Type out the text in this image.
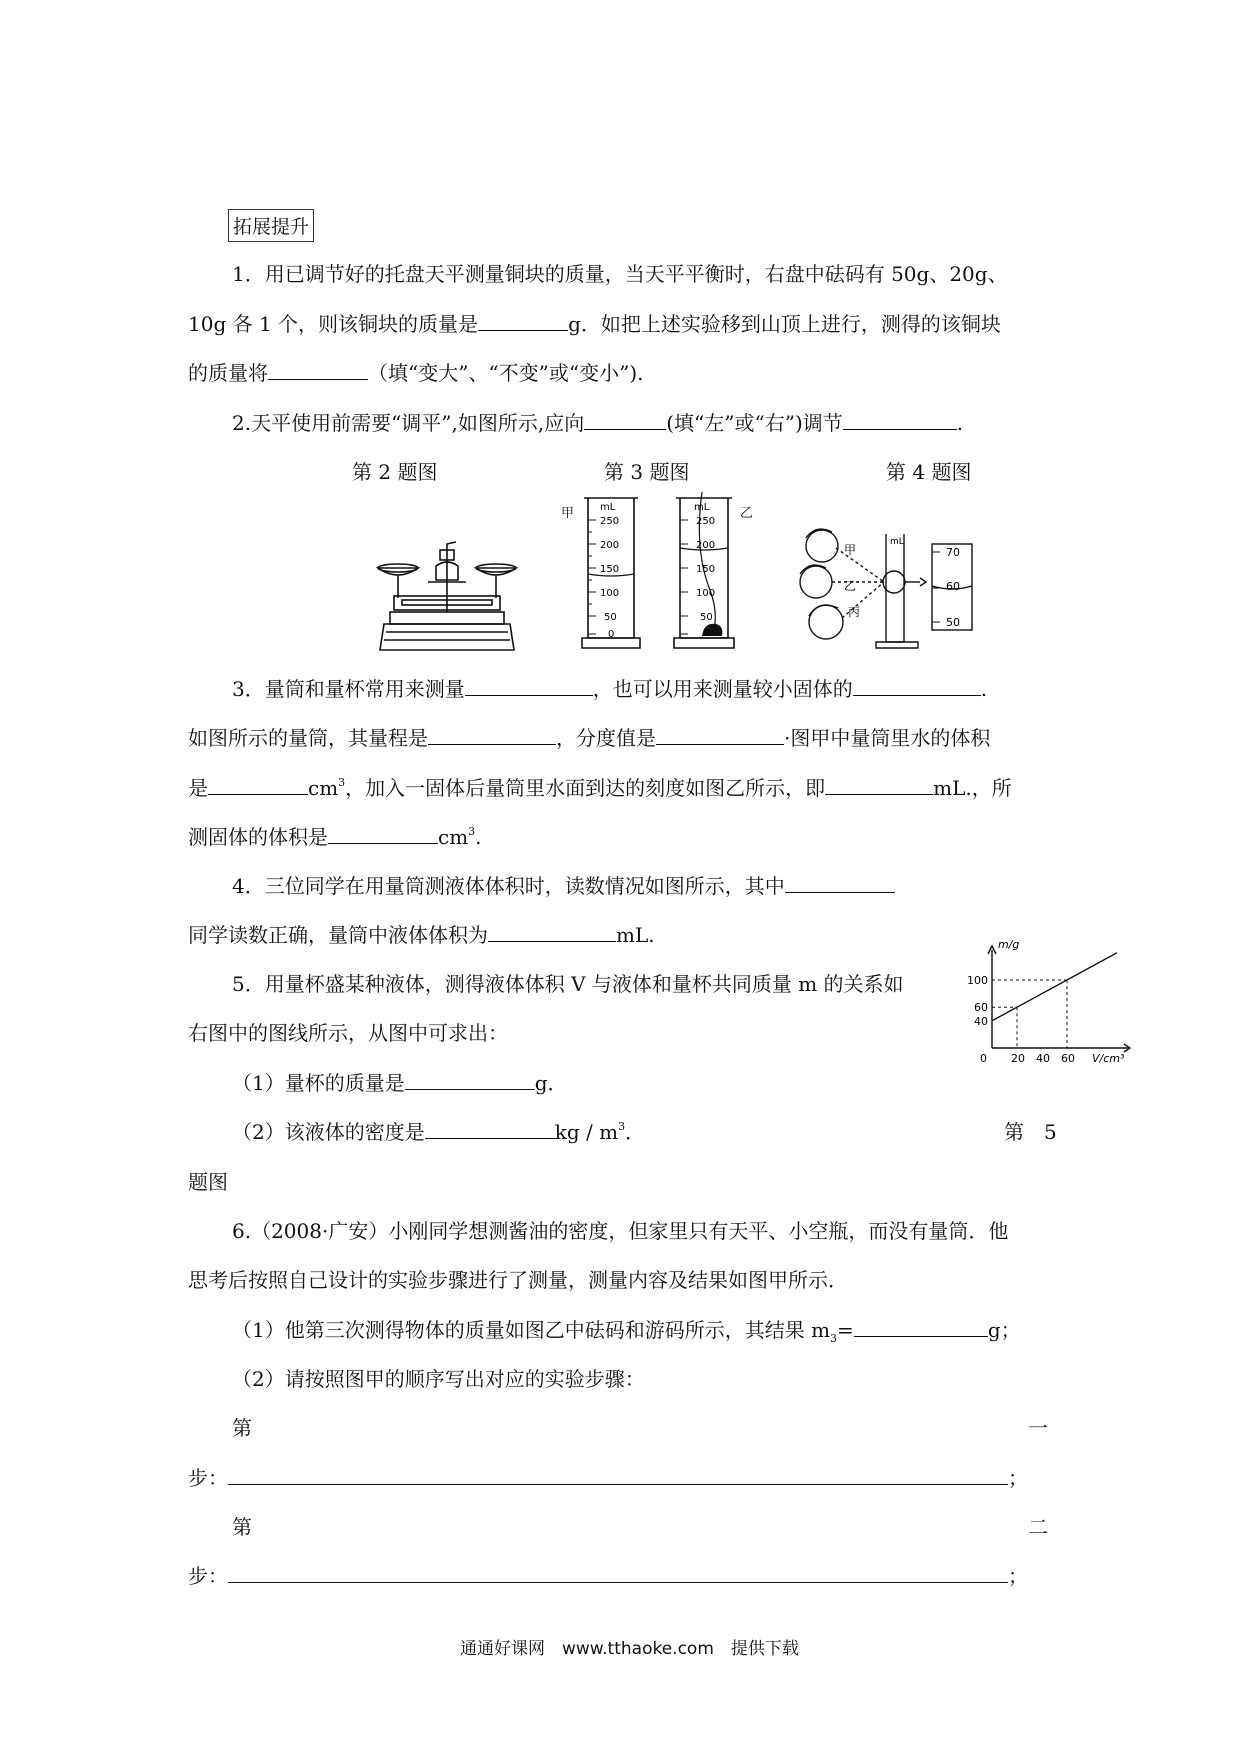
拓展提升
1．用已调节好的托盘天平测量铜块的质量，当天平平衡时，右盘中砝码有 50g、20g、
10g 各 1 个，则该铜块的质量是	g．如把上述实验移到山顶上进行，测得的该铜块
的质量将	（填“变大”、“不变”或“变小”).
2.天平使用前需要“调平”,如图所示,应向	(填“左”或“右”)调节	.
第 2 题图	第 3 题图	第 4 题图
甲	乙
mL
250
200
150
100
50
0
mL
250
200
150
100
50
0
mL
甲
乙
丙
70
60
50
3．量筒和量杯常用来测量	，也可以用来测量较小固体的	.
如图所示的量筒，其量程是	，分度值是	·图甲中量筒里水的体积
是	$cm^3$，加入一固体后量筒里水面到达的刻度如图乙所示，即	mL.，所
测固体的体积是	$cm^3$.
4．三位同学在用量筒测液体体积时，读数情况如图所示，其中
同学读数正确，量筒中液体体积为	mL.
5．用量杯盛某种液体，测得液体体积 V 与液体和量杯共同质量 m 的关系如
右图中的图线所示，从图中可求出：
（1）量杯的质量是	g．
（2）该液体的密度是	kg / $m^3$．	第　5
题图
m/g
V/cm³
0 20 40 60
40
60
100
6.（2008·广安）小刚同学想测酱油的密度，但家里只有天平、小空瓶，而没有量筒．他
思考后按照自己设计的实验步骤进行了测量，测量内容及结果如图甲所示．
（1）他第三次测得物体的质量如图乙中砝码和游码所示，其结果 $m_3=$	g；
（2）请按照图甲的顺序写出对应的实验步骤：
第	一
步：	；
第	二
步：	；
通通好课网　www.tthaoke.com　提供下载
